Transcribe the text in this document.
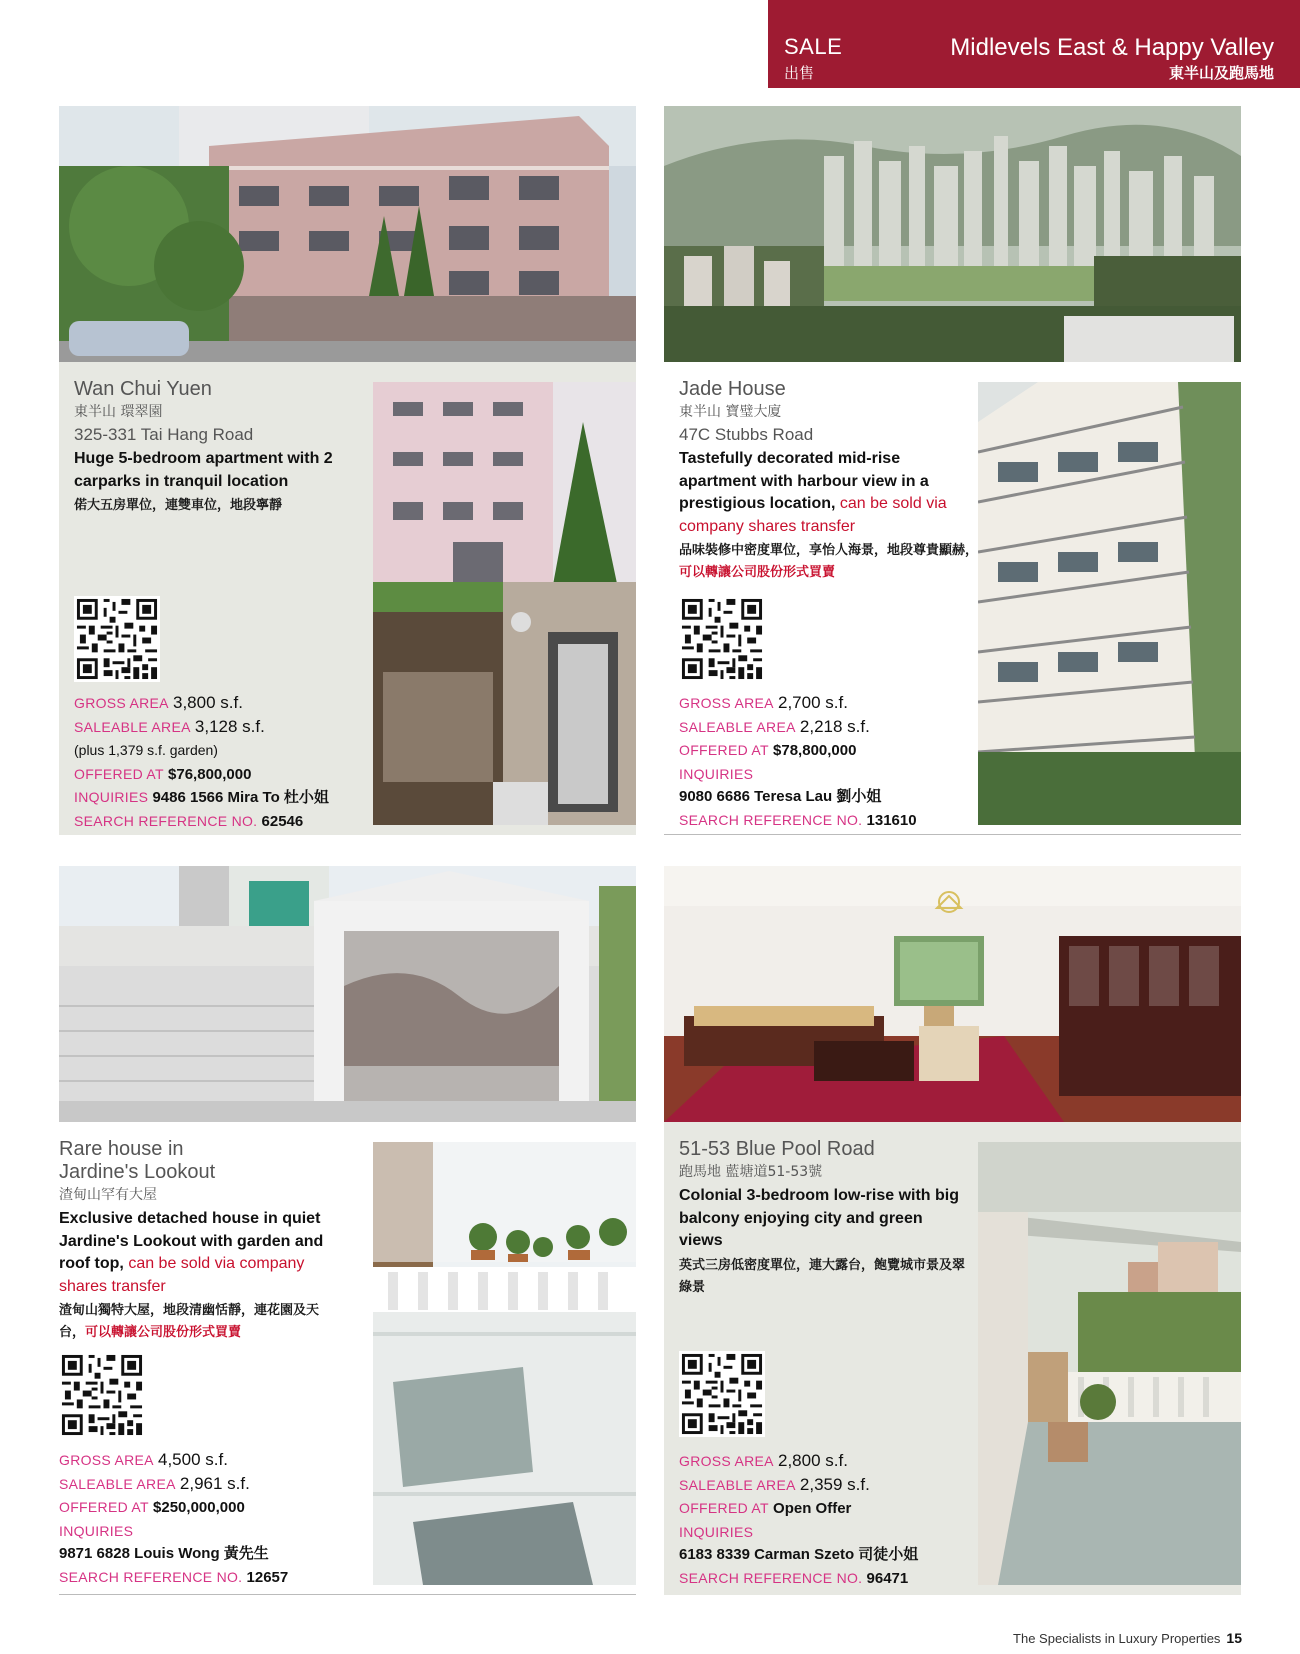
SALE
出售
Midlevels East & Happy Valley
東半山及跑馬地
Wan Chui Yuen
東半山 環翠園
325-331 Tai Hang Road
Huge 5-bedroom apartment with 2 carparks in tranquil location
偌大五房單位，連雙車位，地段寧靜
GROSS AREA 3,800 s.f.
SALEABLE AREA 3,128 s.f.
(plus 1,379 s.f. garden)
OFFERED AT $76,800,000
INQUIRIES 9486 1566 Mira To 杜小姐
SEARCH REFERENCE NO. 62546
Jade House
東半山 寶璧大廈
47C Stubbs Road
Tastefully decorated mid-rise apartment with harbour view in a prestigious location, can be sold via company shares transfer
品味裝修中密度單位，享怡人海景，地段尊貴顯赫，可以轉讓公司股份形式買賣
GROSS AREA 2,700 s.f.
SALEABLE AREA 2,218 s.f.
OFFERED AT $78,800,000
INQUIRIES
9080 6686 Teresa Lau 劉小姐
SEARCH REFERENCE NO. 131610
Rare house in
Jardine's Lookout
渣甸山罕有大屋
Exclusive detached house in quiet Jardine's Lookout with garden and roof top, can be sold via company shares transfer
渣甸山獨特大屋，地段清幽恬靜，連花園及天台，可以轉讓公司股份形式買賣
GROSS AREA 4,500 s.f.
SALEABLE AREA 2,961 s.f.
OFFERED AT $250,000,000
INQUIRIES
9871 6828 Louis Wong 黃先生
SEARCH REFERENCE NO. 12657
51-53 Blue Pool Road
跑馬地 藍塘道51-53號
Colonial 3-bedroom low-rise with big balcony enjoying city and green views
英式三房低密度單位，連大露台，飽覽城市景及翠綠景
GROSS AREA 2,800 s.f.
SALEABLE AREA 2,359 s.f.
OFFERED AT Open Offer
INQUIRIES
6183 8339 Carman Szeto 司徒小姐
SEARCH REFERENCE NO. 96471
The Specialists in Luxury Properties 15
